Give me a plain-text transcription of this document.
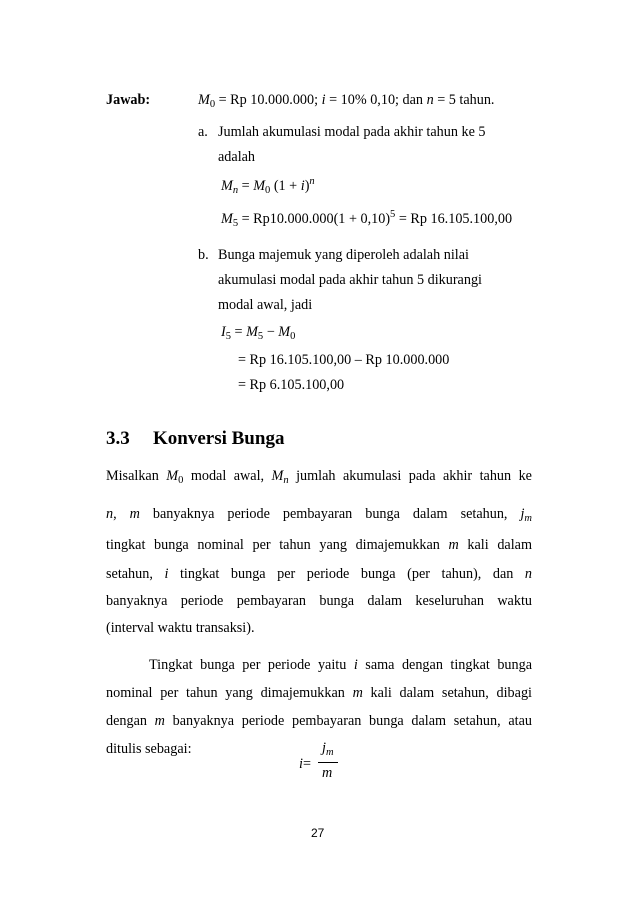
Jawab:	$M_0 = Rp$ 10.000.000; i = 10% 0,10; dan n = 5 tahun.
a. Jumlah akumulasi modal pada akhir tahun ke 5
adalah
$M_n = M_0$ $(1 + i)^n$
$M_5 = Rp10.000.000(1 + 0,10)^5 = Rp$ 16.105.100,00
b. Bunga majemuk yang diperoleh adalah nilai
akumulasi modal pada akhir tahun 5 dikurangi
modal awal, jadi
$I_5 = M_5 - M_0$
= Rp 16.105.100,00 – Rp 10.000.000
= Rp 6.105.100,00
3.3 Konversi Bunga
Misalkan $M_0$ modal awal, $M_n$ jumlah akumulasi pada akhir tahun ke
n, m banyaknya periode pembayaran bunga dalam setahun, $j_m$
tingkat bunga nominal per tahun yang dimajemukkan m kali dalam
setahun, i tingkat bunga per periode bunga (per tahun), dan n
banyaknya periode pembayaran bunga dalam keseluruhan waktu
(interval waktu transaksi).
Tingkat bunga per periode yaitu i sama dengan tingkat bunga
nominal per tahun yang dimajemukkan m kali dalam setahun, dibagi
dengan m banyaknya periode pembayaran bunga dalam setahun, atau
ditulis sebagai:
i =
$j_m$
m
27
